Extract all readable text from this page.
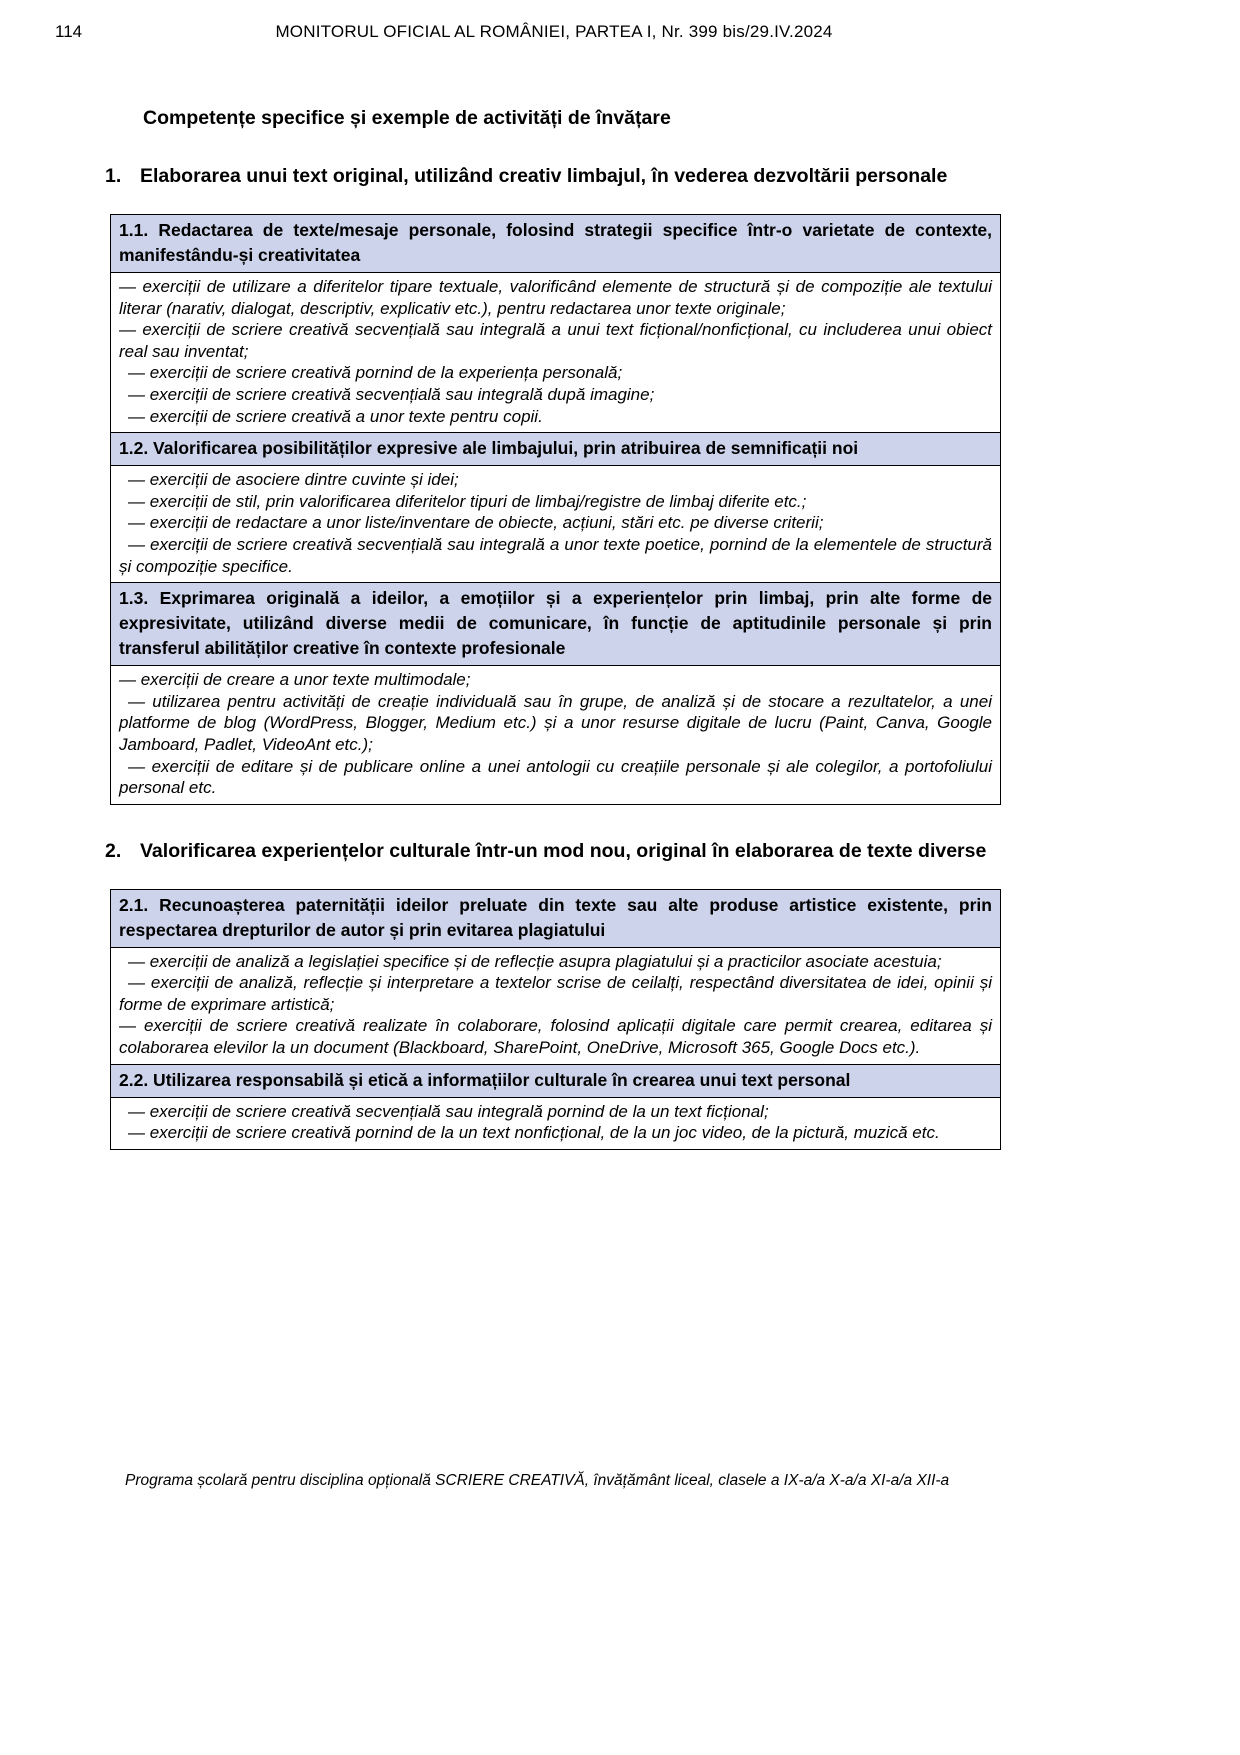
114	MONITORUL OFICIAL AL ROMÂNIEI, PARTEA I, Nr. 399 bis/29.IV.2024
Competențe specifice și exemple de activități de învățare
1. Elaborarea unui text original, utilizând creativ limbajul, în vederea dezvoltării personale
1.1. Redactarea de texte/mesaje personale, folosind strategii specifice într-o varietate de contexte, manifestându-și creativitatea

— exerciții de utilizare a diferitelor tipare textuale, valorificând elemente de structură și de compoziție ale textului literar (narativ, dialogat, descriptiv, explicativ etc.), pentru redactarea unor texte originale;

— exerciții de scriere creativă secvențială sau integrală a unui text ficțional/nonficțional, cu includerea unui obiect real sau inventat;

— exerciții de scriere creativă pornind de la experiența personală;

— exerciții de scriere creativă secvențială sau integrală după imagine;

— exerciții de scriere creativă a unor texte pentru copii.

1.2. Valorificarea posibilităților expresive ale limbajului, prin atribuirea de semnificații noi

— exerciții de asociere dintre cuvinte și idei;

— exerciții de stil, prin valorificarea diferitelor tipuri de limbaj/registre de limbaj diferite etc.;

— exerciții de redactare a unor liste/inventare de obiecte, acțiuni, stări etc. pe diverse criterii;

— exerciții de scriere creativă secvențială sau integrală a unor texte poetice, pornind de la elementele de structură și compoziție specifice.

1.3. Exprimarea originală a ideilor, a emoțiilor și a experiențelor prin limbaj, prin alte forme de expresivitate, utilizând diverse medii de comunicare, în funcție de aptitudinile personale și prin transferul abilităților creative în contexte profesionale

— exerciții de creare a unor texte multimodale;

— utilizarea pentru activități de creație individuală sau în grupe, de analiză și de stocare a rezultatelor, a unei platforme de blog (WordPress, Blogger, Medium etc.) și a unor resurse digitale de lucru (Paint, Canva, Google Jamboard, Padlet, VideoAnt etc.);

— exerciții de editare și de publicare online a unei antologii cu creațiile personale și ale colegilor, a portofoliului personal etc.

2. Valorificarea experiențelor culturale într-un mod nou, original în elaborarea de texte diverse
2.1. Recunoașterea paternității ideilor preluate din texte sau alte produse artistice existente, prin respectarea drepturilor de autor și prin evitarea plagiatului

— exerciții de analiză a legislației specifice și de reflecție asupra plagiatului și a practicilor asociate acestuia;

— exerciții de analiză, reflecție și interpretare a textelor scrise de ceilalți, respectând diversitatea de idei, opinii și forme de exprimare artistică;

— exerciții de scriere creativă realizate în colaborare, folosind aplicații digitale care permit crearea, editarea și colaborarea elevilor la un document (Blackboard, SharePoint, OneDrive, Microsoft 365, Google Docs etc.).

2.2. Utilizarea responsabilă și etică a informațiilor culturale în crearea unui text personal

— exerciții de scriere creativă secvențială sau integrală pornind de la un text ficțional;

— exerciții de scriere creativă pornind de la un text nonficțional, de la un joc video, de la pictură, muzică etc.

Programa școlară pentru disciplina opțională SCRIERE CREATIVĂ, învățământ liceal, clasele a IX-a/a X-a/a XI-a/a XII-a
